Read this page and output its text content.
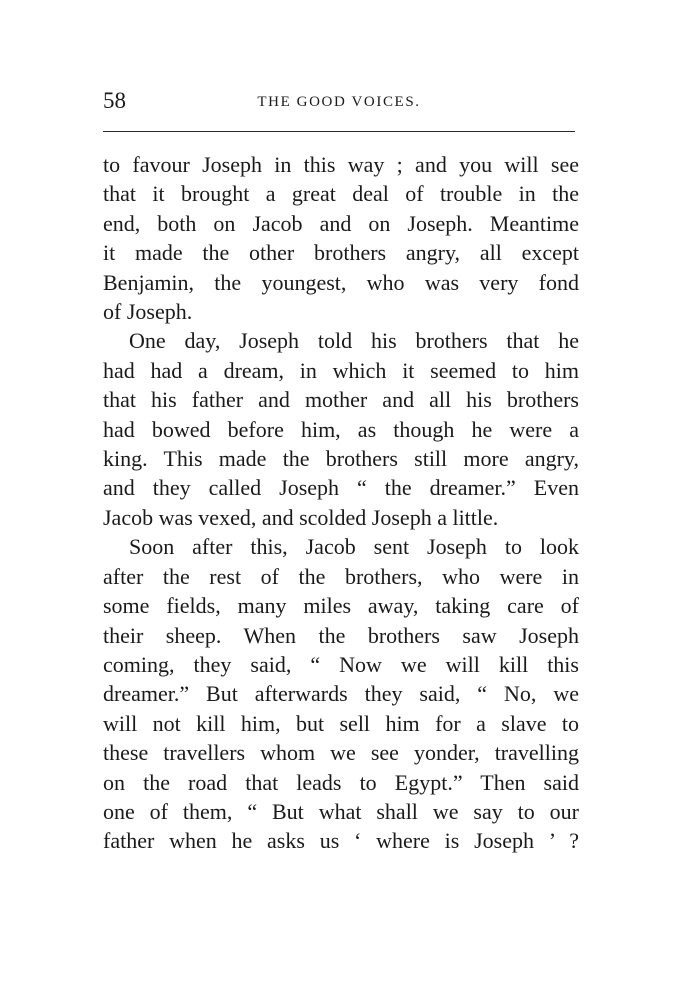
58	THE GOOD VOICES.
to favour Joseph in this way ; and you will see
that it brought a great deal of trouble in the
end, both on Jacob and on Joseph. Meantime
it made the other brothers angry, all except
Benjamin, the youngest, who was very fond
of Joseph.
One day, Joseph told his brothers that he
had had a dream, in which it seemed to him
that his father and mother and all his brothers
had bowed before him, as though he were a
king. This made the brothers still more angry,
and they called Joseph “ the dreamer.” Even
Jacob was vexed, and scolded Joseph a little.
Soon after this, Jacob sent Joseph to look
after the rest of the brothers, who were in
some fields, many miles away, taking care of
their sheep. When the brothers saw Joseph
coming, they said, “ Now we will kill this
dreamer.” But afterwards they said, “ No, we
will not kill him, but sell him for a slave to
these travellers whom we see yonder, travelling
on the road that leads to Egypt.” Then said
one of them, “ But what shall we say to our
father when he asks us ‘ where is Joseph ’ ?
